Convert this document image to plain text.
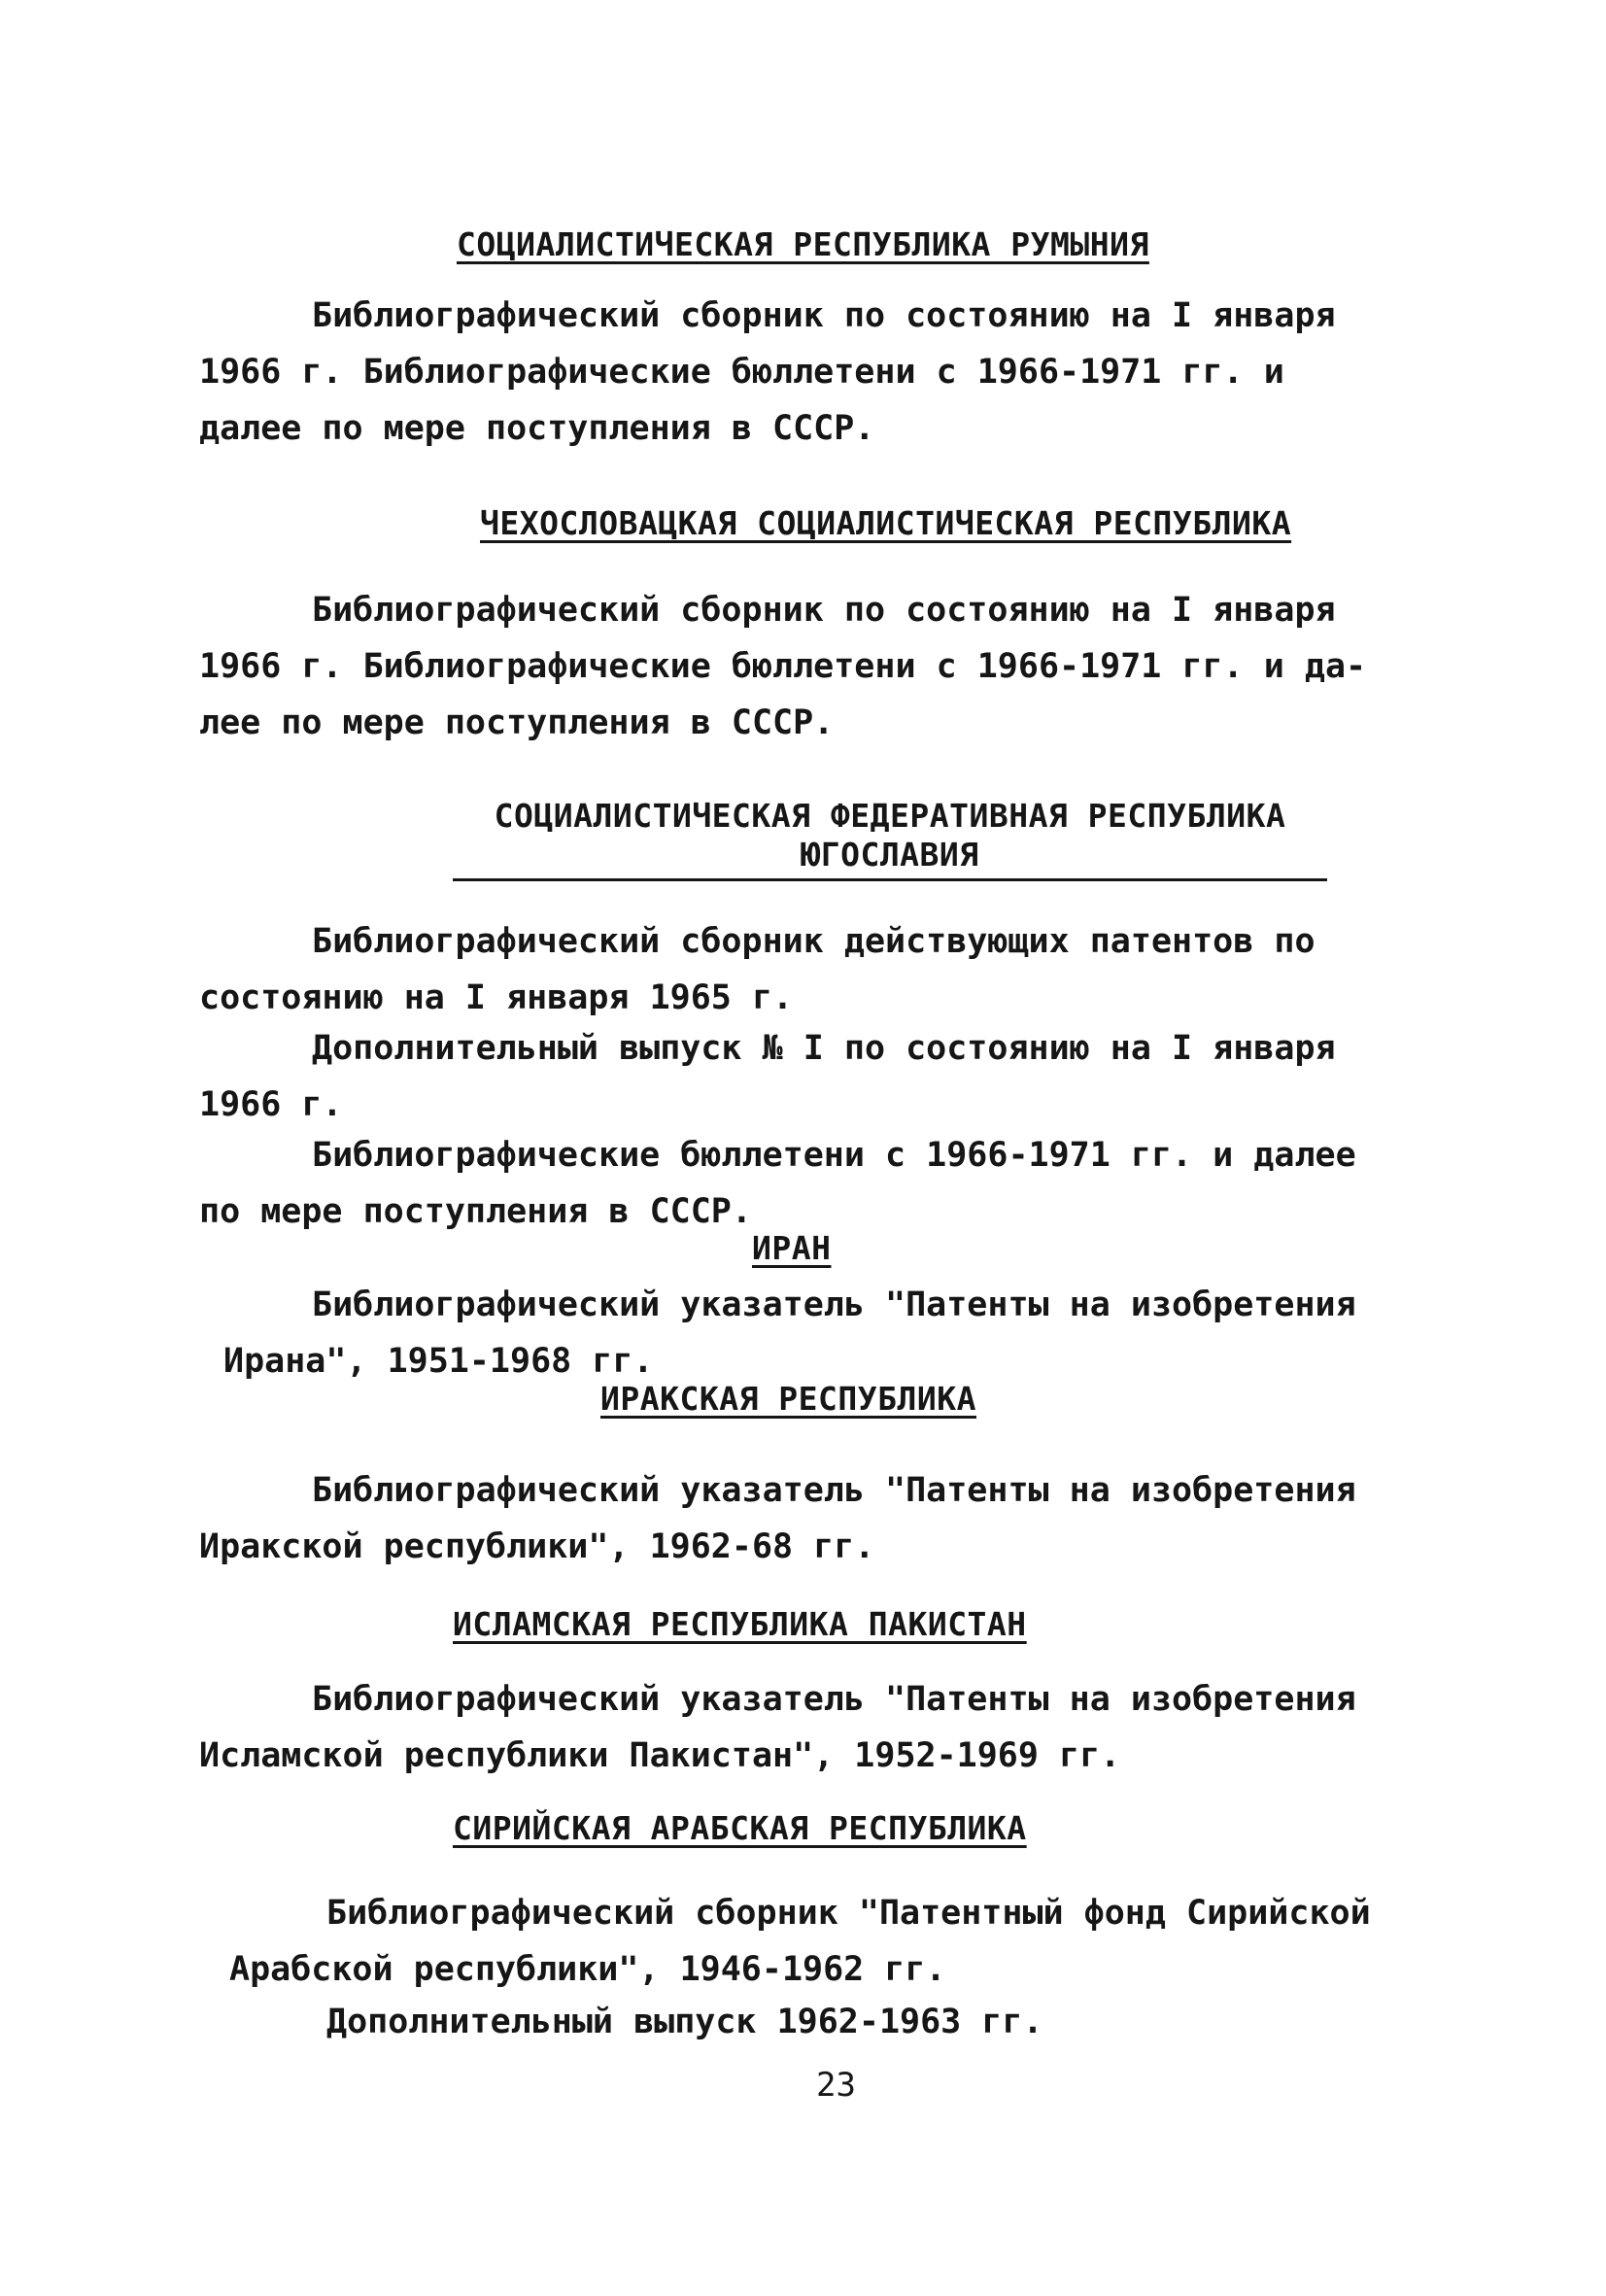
СОЦИАЛИСТИЧЕСКАЯ РЕСПУБЛИКА РУМЫНИЯ
Библиографический сборник по состоянию на I января
1966 г. Библиографические бюллетени с 1966-1971 гг. и
далее по мере поступления в СССР.
ЧЕХОСЛОВАЦКАЯ СОЦИАЛИСТИЧЕСКАЯ РЕСПУБЛИКА
Библиографический сборник по состоянию на I января
1966 г. Библиографические бюллетени с 1966-1971 гг. и да-
лее по мере поступления в СССР.
СОЦИАЛИСТИЧЕСКАЯ ФЕДЕРАТИВНАЯ РЕСПУБЛИКА
ЮГОСЛАВИЯ
Библиографический сборник действующих патентов по
состоянию на I января 1965 г.
Дополнительный выпуск № I по состоянию на I января
1966 г.
Библиографические бюллетени с 1966-1971 гг. и далее
по мере поступления в СССР.
ИРАН
Библиографический указатель "Патенты на изобретения
Ирана", 1951-1968 гг.
ИРАКСКАЯ РЕСПУБЛИКА
Библиографический указатель "Патенты на изобретения
Иракской республики", 1962-68 гг.
ИСЛАМСКАЯ РЕСПУБЛИКА ПАКИСТАН
Библиографический указатель "Патенты на изобретения
Исламской республики Пакистан", 1952-1969 гг.
СИРИЙСКАЯ АРАБСКАЯ РЕСПУБЛИКА
Библиографический сборник "Патентный фонд Сирийской
Арабской республики", 1946-1962 гг.
Дополнительный выпуск 1962-1963 гг.
23
